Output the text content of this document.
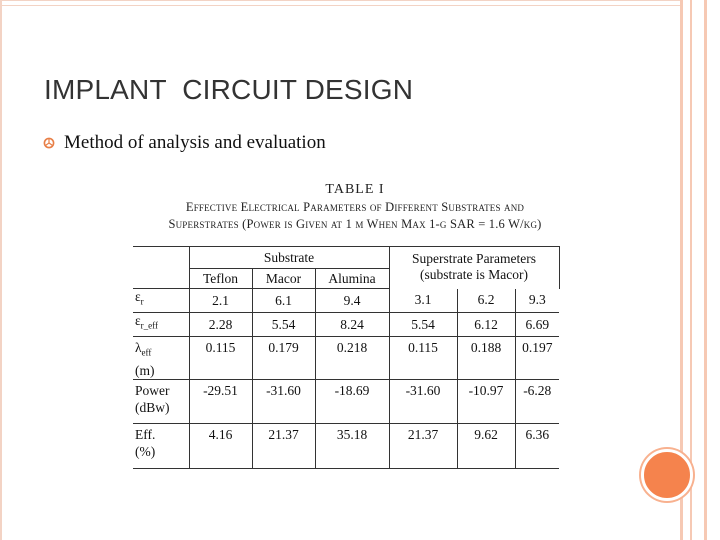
IMPLANT  CIRCUIT DESIGN
Method of analysis and evaluation
TABLE I
Effective Electrical Parameters of Different Substrates and
Superstrates (Power is Given at 1 m When Max 1-g SAR = 1.6 W/kg)
	Substrate			Superstrate Parameters
(substrate is Macor)		
	Teflon	Macor	Alumina			
$\varepsilon_r$	2.1	6.1	9.4	3.1	6.2	9.3
$\varepsilon_{r\_eff}$	2.28	5.54	8.24	5.54	6.12	6.69
$\lambda_{eff}$
(m)	0.115	0.179	0.218	0.115	0.188	0.197
Power
(dBw)	-29.51	-31.60	-18.69	-31.60	-10.97	-6.28
Eff.
(%)	4.16	21.37	35.18	21.37	9.62	6.36
